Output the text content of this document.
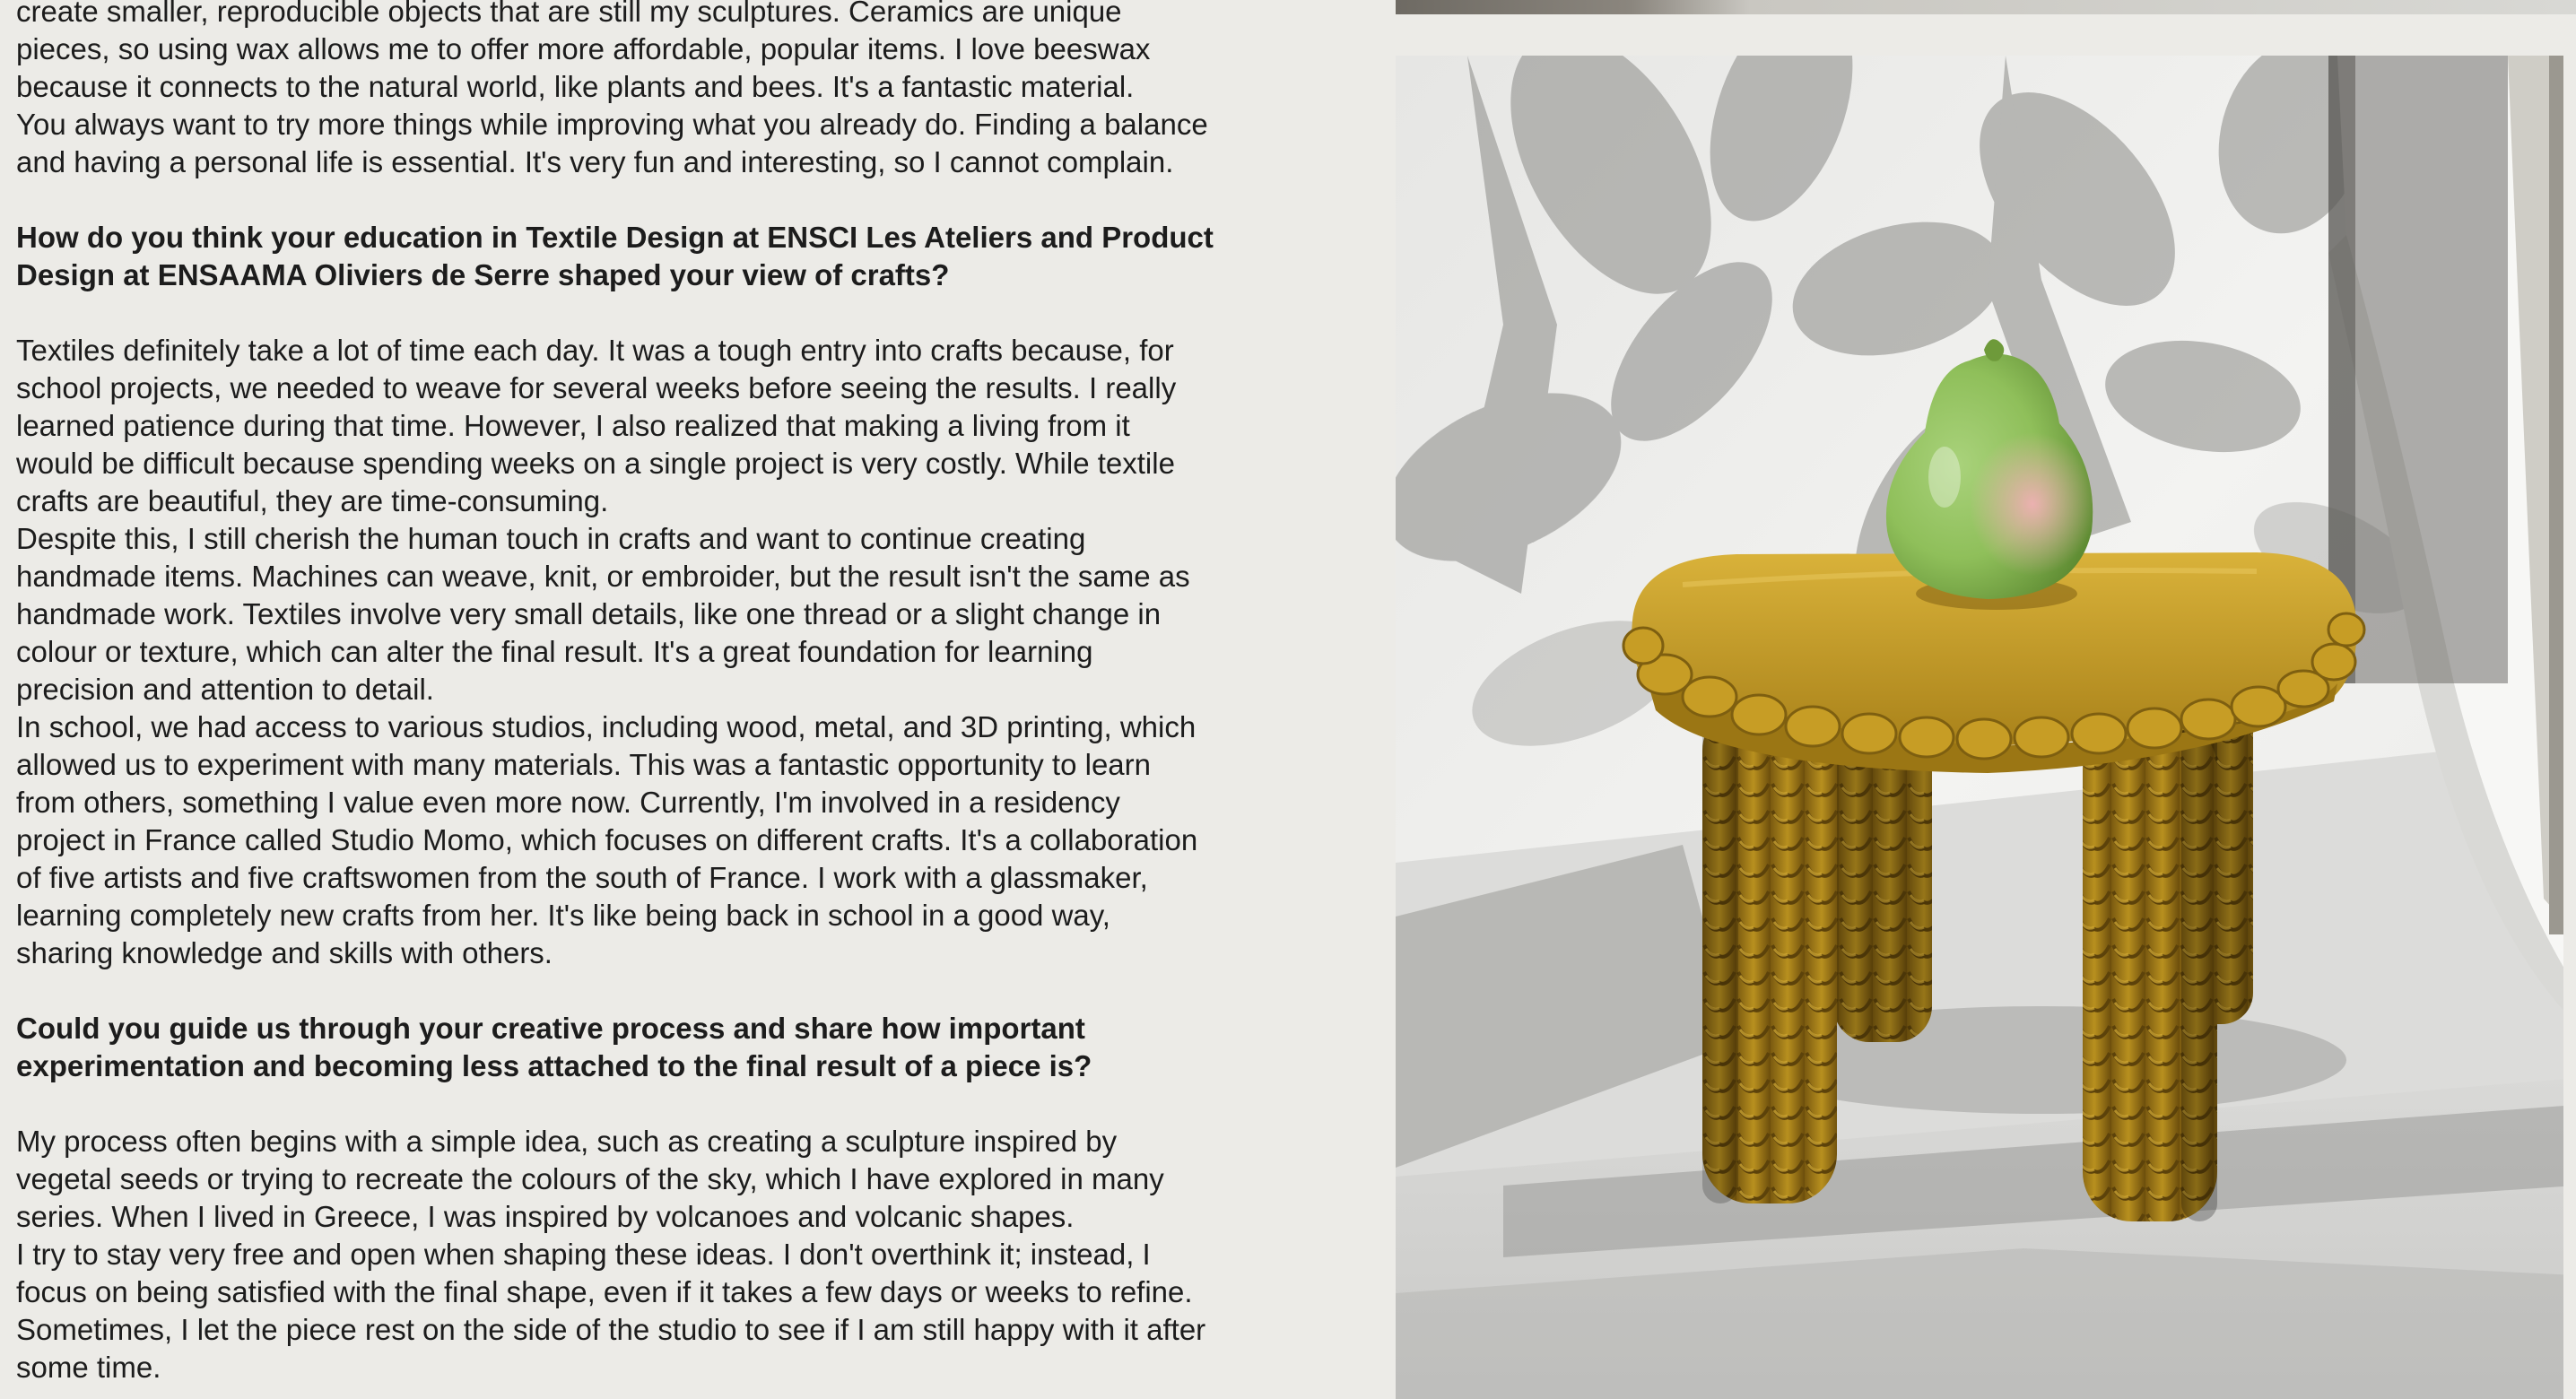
create smaller, reproducible objects that are still my sculptures. Ceramics are unique

pieces, so using wax allows me to offer more affordable, popular items. I love beeswax

because it connects to the natural world, like plants and bees. It's a fantastic material.

You always want to try more things while improving what you already do. Finding a balance

and having a personal life is essential. It's very fun and interesting, so I cannot complain.

How do you think your education in Textile Design at ENSCI Les Ateliers and Product

Design at ENSAAMA Oliviers de Serre shaped your view of crafts?

Textiles definitely take a lot of time each day. It was a tough entry into crafts because, for

school projects, we needed to weave for several weeks before seeing the results. I really

learned patience during that time. However, I also realized that making a living from it

would be difficult because spending weeks on a single project is very costly. While textile

crafts are beautiful, they are time-consuming.

Despite this, I still cherish the human touch in crafts and want to continue creating

handmade items. Machines can weave, knit, or embroider, but the result isn't the same as

handmade work. Textiles involve very small details, like one thread or a slight change in

colour or texture, which can alter the final result. It's a great foundation for learning

precision and attention to detail.

In school, we had access to various studios, including wood, metal, and 3D printing, which

allowed us to experiment with many materials. This was a fantastic opportunity to learn

from others, something I value even more now. Currently, I'm involved in a residency

project in France called Studio Momo, which focuses on different crafts. It's a collaboration

of five artists and five craftswomen from the south of France. I work with a glassmaker,

learning completely new crafts from her. It's like being back in school in a good way,

sharing knowledge and skills with others.

Could you guide us through your creative process and share how important

experimentation and becoming less attached to the final result of a piece is?

My process often begins with a simple idea, such as creating a sculpture inspired by

vegetal seeds or trying to recreate the colours of the sky, which I have explored in many

series. When I lived in Greece, I was inspired by volcanoes and volcanic shapes.

I try to stay very free and open when shaping these ideas. I don't overthink it; instead, I

focus on being satisfied with the final shape, even if it takes a few days or weeks to refine.

Sometimes, I let the piece rest on the side of the studio to see if I am still happy with it after

some time.
